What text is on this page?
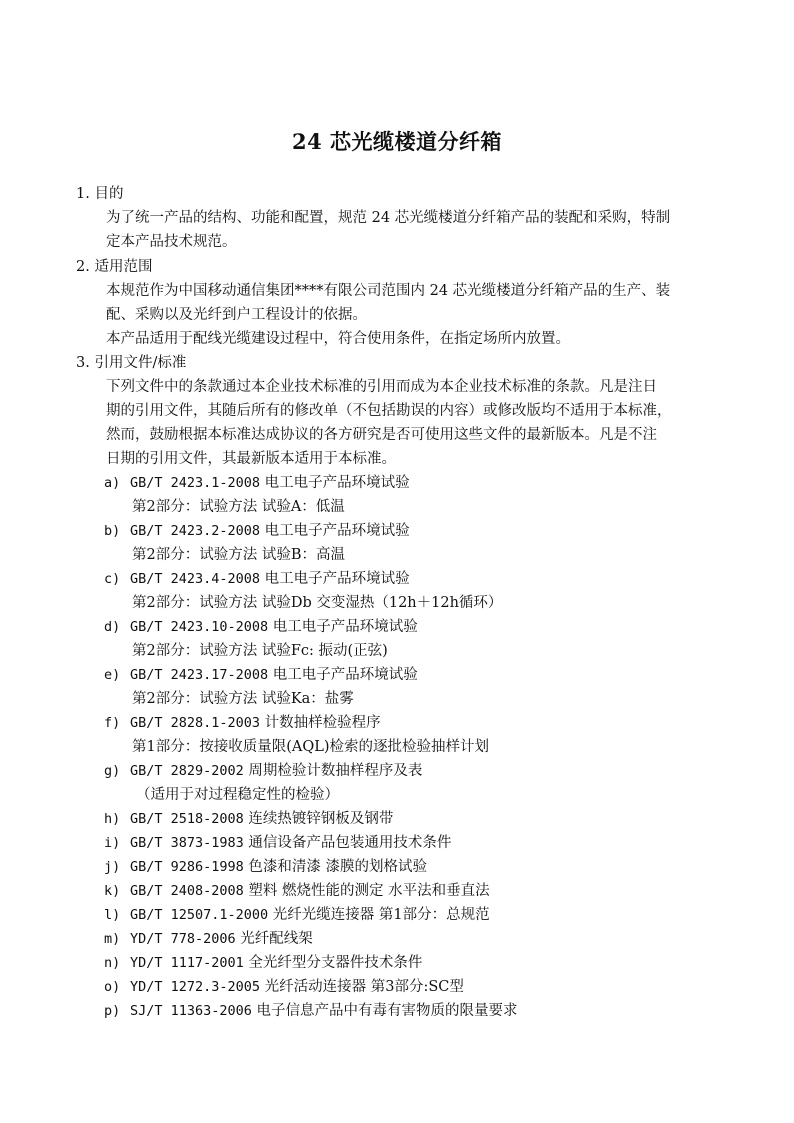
24 芯光缆楼道分纤箱
1. 目的
为了统一产品的结构、功能和配置，规范 24 芯光缆楼道分纤箱产品的装配和采购，特制
定本产品技术规范。
2. 适用范围
本规范作为中国移动通信集团****有限公司范围内 24 芯光缆楼道分纤箱产品的生产、装
配、采购以及光纤到户工程设计的依据。
本产品适用于配线光缆建设过程中，符合使用条件，在指定场所内放置。
3. 引用文件/标准
下列文件中的条款通过本企业技术标准的引用而成为本企业技术标准的条款。凡是注日
期的引用文件，其随后所有的修改单（不包括勘误的内容）或修改版均不适用于本标准，
然而，鼓励根据本标准达成协议的各方研究是否可使用这些文件的最新版本。凡是不注
日期的引用文件，其最新版本适用于本标准。
a) GB/T 2423.1-2008 电工电子产品环境试验
第2部分：试验方法 试验A：低温
b) GB/T 2423.2-2008 电工电子产品环境试验
第2部分：试验方法 试验B：高温
c) GB/T 2423.4-2008 电工电子产品环境试验
第2部分：试验方法 试验Db 交变湿热（12h＋12h循环）
d) GB/T 2423.10-2008 电工电子产品环境试验
第2部分：试验方法 试验Fc: 振动(正弦)
e) GB/T 2423.17-2008 电工电子产品环境试验
第2部分：试验方法 试验Ka：盐雾
f) GB/T 2828.1-2003 计数抽样检验程序
第1部分：按接收质量限(AQL)检索的逐批检验抽样计划
g) GB/T 2829-2002 周期检验计数抽样程序及表
（适用于对过程稳定性的检验）
h) GB/T 2518-2008 连续热镀锌钢板及钢带
i) GB/T 3873-1983 通信设备产品包装通用技术条件
j) GB/T 9286-1998 色漆和清漆 漆膜的划格试验
k) GB/T 2408-2008 塑料 燃烧性能的测定 水平法和垂直法
l) GB/T 12507.1-2000 光纤光缆连接器 第1部分：总规范
m) YD/T 778-2006 光纤配线架
n) YD/T 1117-2001 全光纤型分支器件技术条件
o) YD/T 1272.3-2005 光纤活动连接器 第3部分:SC型
p) SJ/T 11363-2006 电子信息产品中有毒有害物质的限量要求
